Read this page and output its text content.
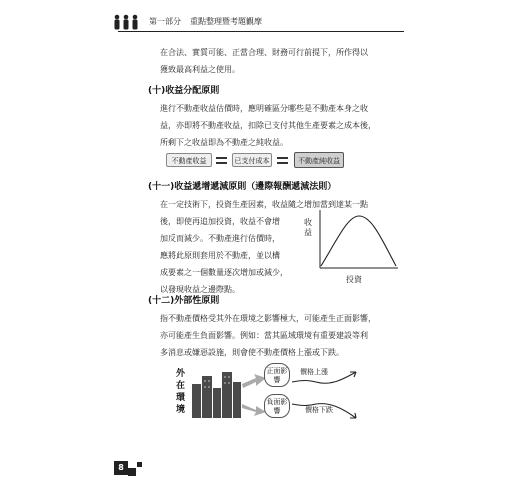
第一部分 重點整理暨考題觀摩
在合法、實質可能、正當合理、財務可行前提下，所作得以
獲致最高利益之使用。
(十)收益分配原則
進行不動產收益估價時，應明確區分哪些是不動產本身之收
益，亦即將不動產收益，扣除已支付其他生產要素之成本後，
所剩下之收益即為不動產之純收益。
不動產收益	已支付成本	不動產純收益
(十一)收益遞增遞減原則（邊際報酬遞減法則）
在一定技術下，投資生產因素，收益隨之增加當到達某一點
後，即使再追加投資，收益不會增
加反而減少。不動產進行估價時，
應將此原則套用於不動產，並以構
成要素之一個數量逐次增加或減少，
以發現收益之邊際點。
收益
投資
(十二)外部性原則
指不動產價格受其外在環境之影響極大，可能產生正面影響，
亦可能產生負面影響。例如：當其區域環境有重要建設等利
多消息或嫌惡設施，則會使不動產價格上漲或下跌。
外在環境
正面影響
負面影響
價格上漲
價格下跌
8
